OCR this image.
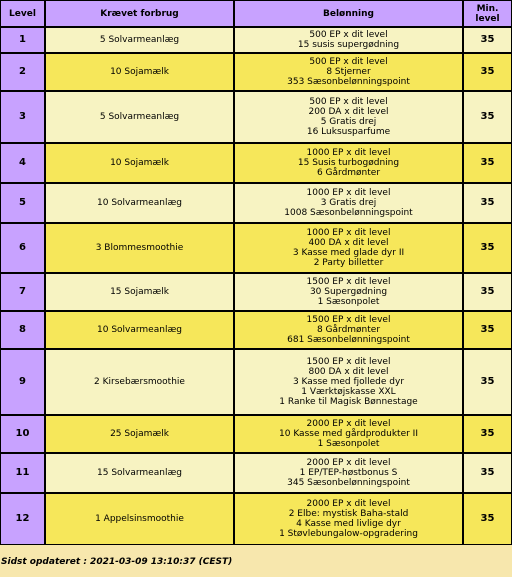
Level	Krævet forbrug	Belønning	Min.
level
1	5 Solvarmeanlæg	500 EP x dit level
15 susis supergødning	35
2	10 Sojamælk	500 EP x dit level
8 Stjerner
353 Sæsonbelønningspoint	35
3	5 Solvarmeanlæg	500 EP x dit level
200 DA x dit level
5 Gratis drej
16 Luksusparfume	35
4	10 Sojamælk	1000 EP x dit level
15 Susis turbogødning
6 Gårdmønter	35
5	10 Solvarmeanlæg	1000 EP x dit level
3 Gratis drej
1008 Sæsonbelønningspoint	35
6	3 Blommesmoothie	1000 EP x dit level
400 DA x dit level
3 Kasse med glade dyr II
2 Party billetter	35
7	15 Sojamælk	1500 EP x dit level
30 Supergødning
1 Sæsonpolet	35
8	10 Solvarmeanlæg	1500 EP x dit level
8 Gårdmønter
681 Sæsonbelønningspoint	35
9	2 Kirsebærsmoothie	1500 EP x dit level
800 DA x dit level
3 Kasse med fjollede dyr
1 Værktøjskasse XXL
1 Ranke til Magisk Bønnestage	35
10	25 Sojamælk	2000 EP x dit level
10 Kasse med gårdprodukter II
1 Sæsonpolet	35
11	15 Solvarmeanlæg	2000 EP x dit level
1 EP/TEP-høstbonus S
345 Sæsonbelønningspoint	35
12	1 Appelsinsmoothie	2000 EP x dit level
2 Elbe: mystisk Baha-stald
4 Kasse med livlige dyr
1 Støvlebungalow-opgradering	35
Sidst opdateret : 2021-03-09 13:10:37 (CEST)
